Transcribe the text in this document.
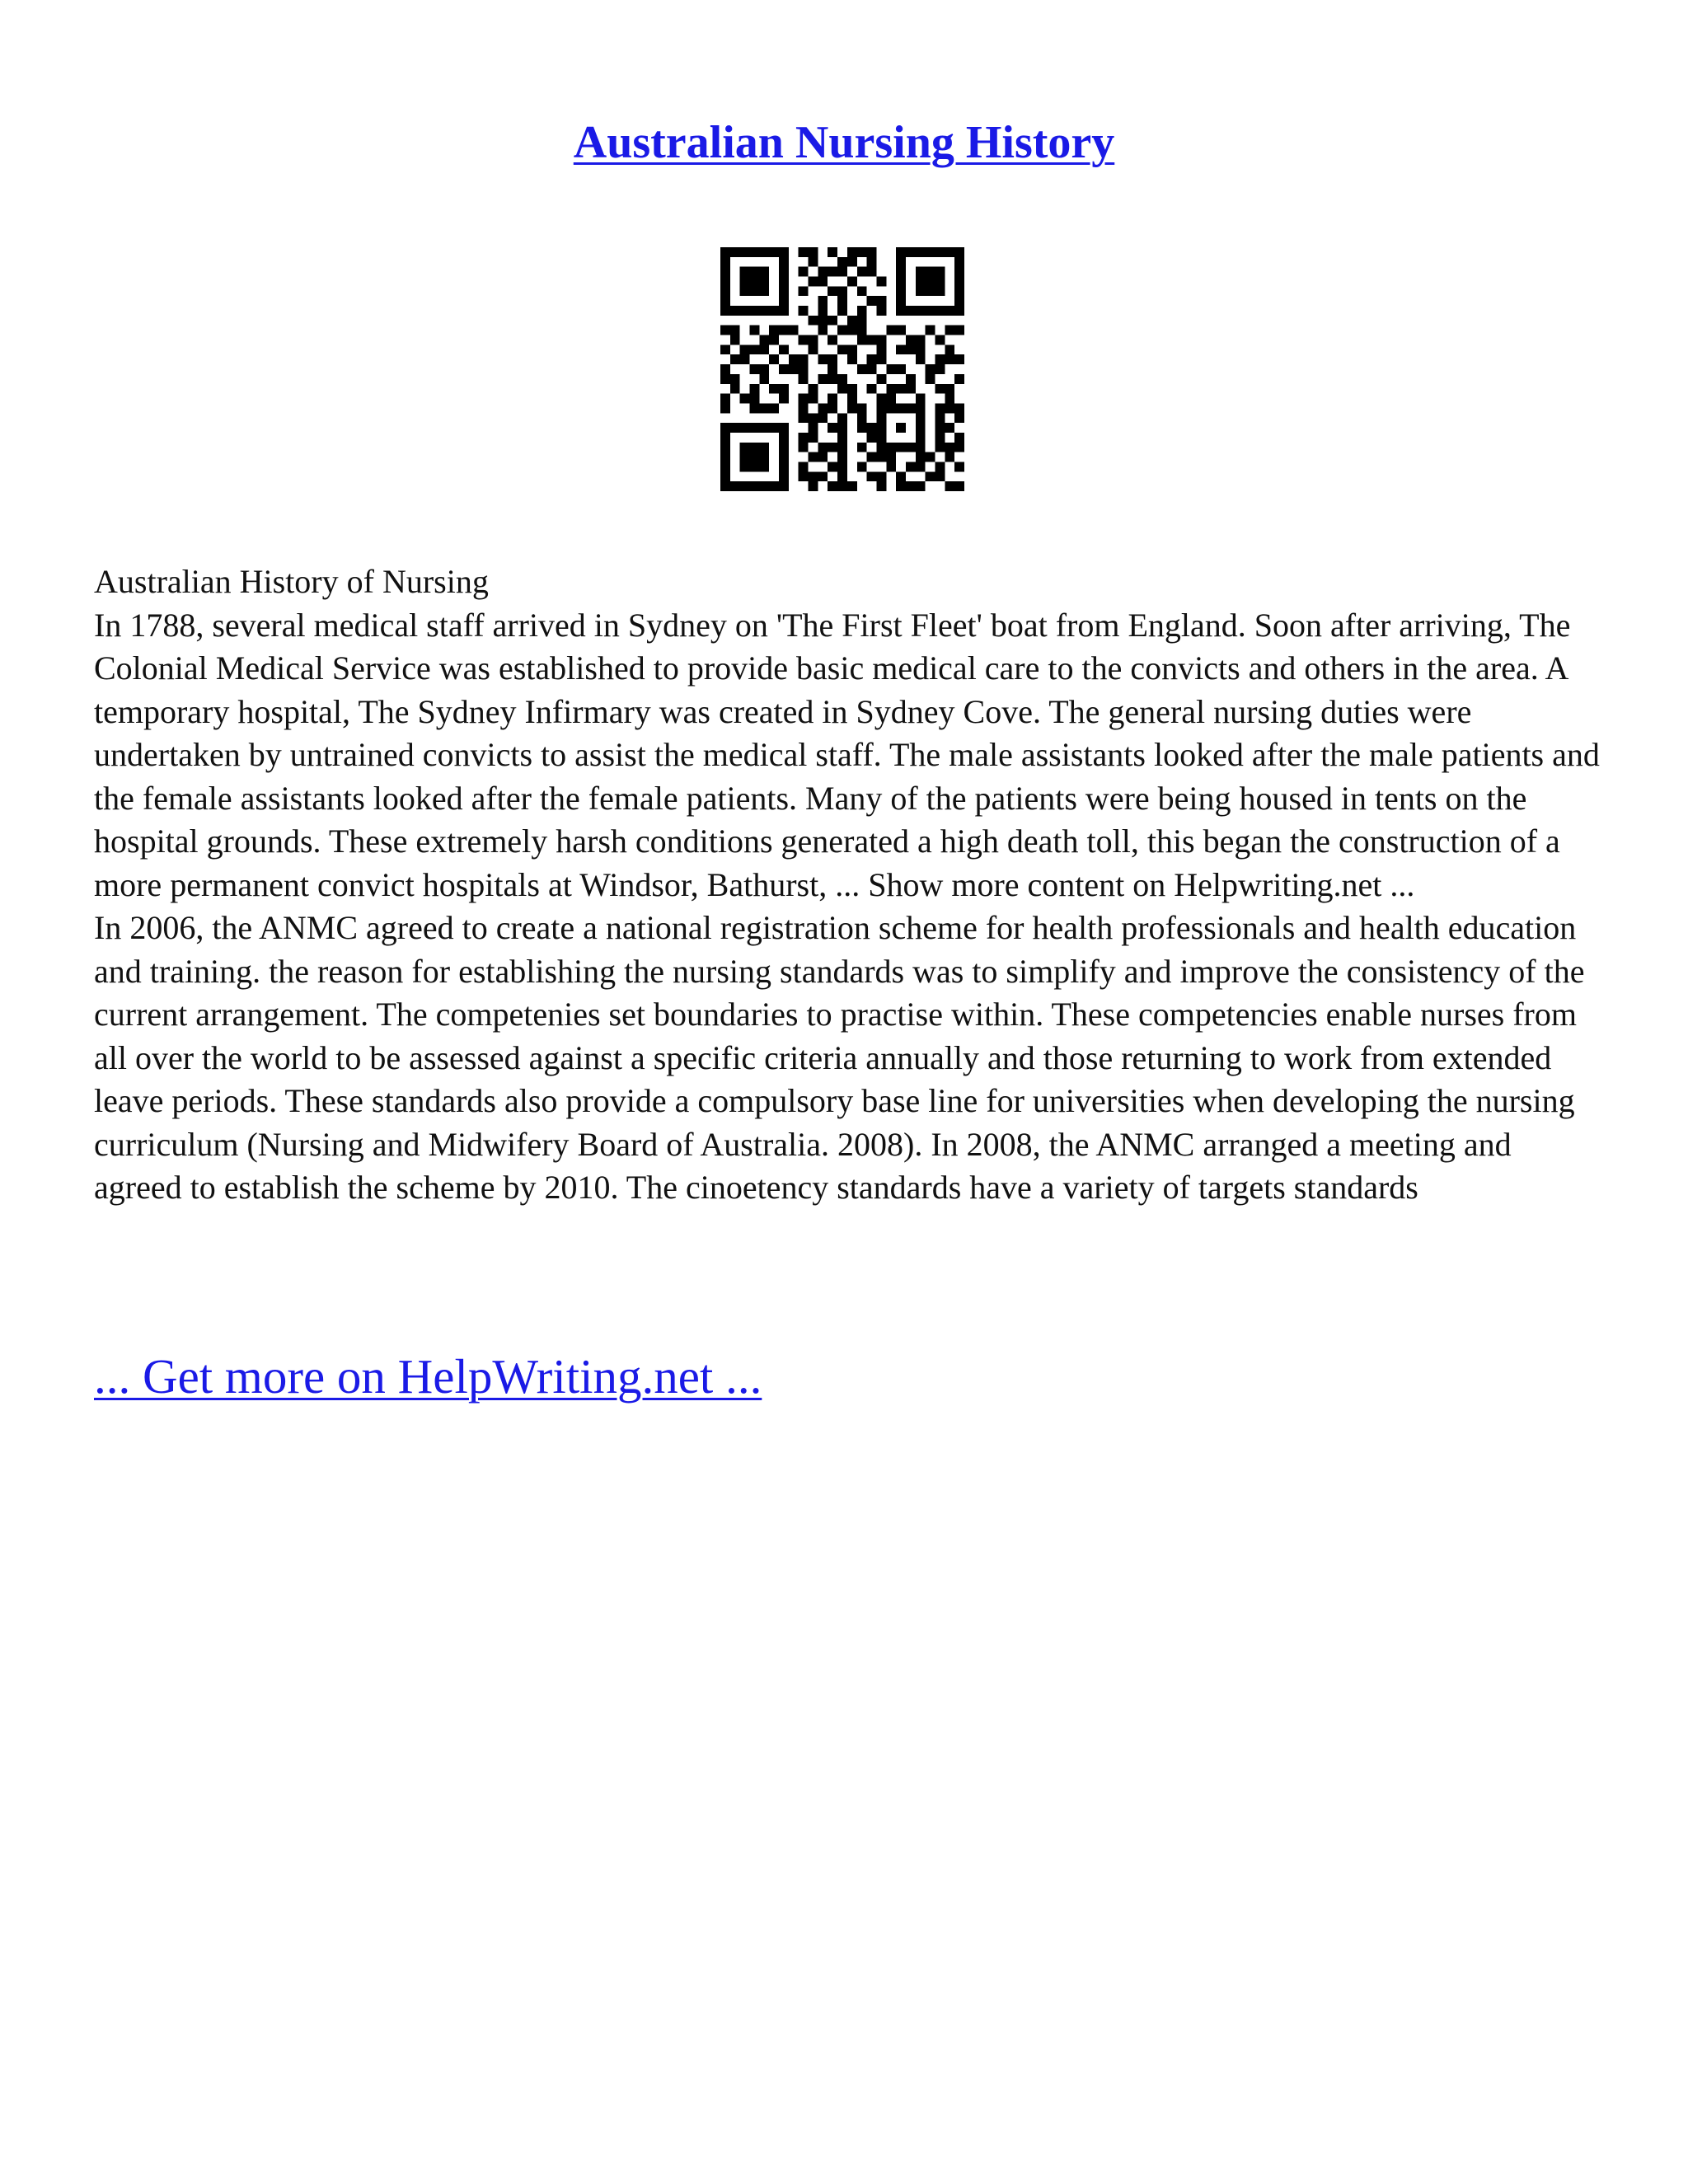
Australian Nursing History

Australian History of Nursing

In 1788, several medical staff arrived in Sydney on 'The First Fleet' boat from England. Soon after arriving, The Colonial Medical Service was established to provide basic medical care to the convicts and others in the area. A temporary hospital, The Sydney Infirmary was created in Sydney Cove. The general nursing duties were undertaken by untrained convicts to assist the medical staff. The male assistants looked after the male patients and the female assistants looked after the female patients. Many of the patients were being housed in tents on the hospital grounds. These extremely harsh conditions generated a high death toll, this began the construction of a more permanent convict hospitals at Windsor, Bathurst, ... Show more content on Helpwriting.net ...

In 2006, the ANMC agreed to create a national registration scheme for health professionals and health education and training. the reason for establishing the nursing standards was to simplify and improve the consistency of the current arrangement. The competenies set boundaries to practise within. These competencies enable nurses from all over the world to be assessed against a specific criteria annually and those returning to work from extended leave periods. These standards also provide a compulsory base line for universities when developing the nursing curriculum (Nursing and Midwifery Board of Australia. 2008). In 2008, the ANMC arranged a meeting and agreed to establish the scheme by 2010. The cinoetency standards have a variety of targets standards

... Get more on HelpWriting.net ...
